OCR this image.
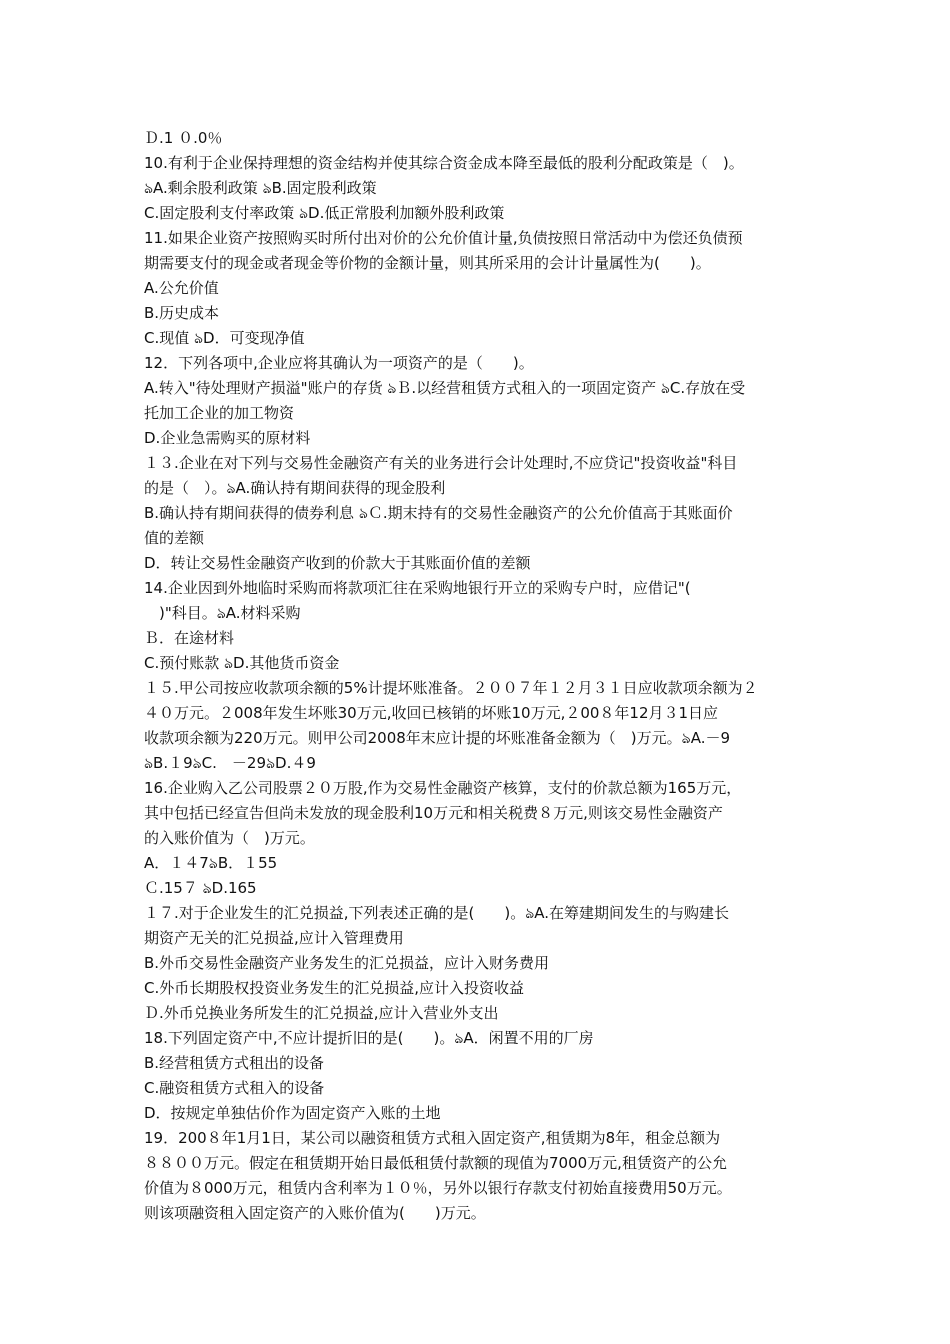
Ｄ.1 ０.0％
10.有利于企业保持理想的资金结构并使其综合资金成本降至最低的股利分配政策是（　)。
ঌA.剩余股利政策 ঌB.固定股利政策
C.固定股利支付率政策 ঌD.低正常股利加额外股利政策
11.如果企业资产按照购买时所付出对价的公允价值计量,负债按照日常活动中为偿还负债预
期需要支付的现金或者现金等价物的金额计量，则其所采用的会计计量属性为(　　)。
A.公允价值
B.历史成本
C.现值 ঌD．可变现净值
12．下列各项中,企业应将其确认为一项资产的是（　　)。
A.转入"待处理财产损溢"账户的存货 ঌＢ.以经营租赁方式租入的一项固定资产 ঌC.存放在受
托加工企业的加工物资
D.企业急需购买的原材料
１３.企业在对下列与交易性金融资产有关的业务进行会计处理时,不应贷记"投资收益"科目
的是（　）。ঌA.确认持有期间获得的现金股利
B.确认持有期间获得的债券利息 ঌＣ.期末持有的交易性金融资产的公允价值高于其账面价
值的差额
D．转让交易性金融资产收到的价款大于其账面价值的差额
14.企业因到外地临时采购而将款项汇往在采购地银行开立的采购专户时，应借记"(
　)"科目。ঌA.材料采购
Ｂ．在途材料
C.预付账款 ঌD.其他货币资金
１５.甲公司按应收款项余额的5%计提坏账准备。２００７年１２月３１日应收款项余额为２
４０万元。２008年发生坏账30万元,收回已核销的坏账10万元,２00８年12月３1日应
收款项余额为220万元。则甲公司2008年末应计提的坏账准备金额为（　)万元。ঌA.－9
ঌB.１9ঌC.　－29ঌD.４9
16.企业购入乙公司股票２０万股,作为交易性金融资产核算，支付的价款总额为165万元，
其中包括已经宣告但尚未发放的现金股利10万元和相关税费８万元,则该交易性金融资产
的入账价值为（　)万元。
A．１４7ঌB．１55
Ｃ.15７ ঌD.165
１７.对于企业发生的汇兑损益,下列表述正确的是(　　)。ঌA.在筹建期间发生的与购建长
期资产无关的汇兑损益,应计入管理费用
B.外币交易性金融资产业务发生的汇兑损益，应计入财务费用
C.外币长期股权投资业务发生的汇兑损益,应计入投资收益
Ｄ.外币兑换业务所发生的汇兑损益,应计入营业外支出
18.下列固定资产中,不应计提折旧的是(　　)。ঌA．闲置不用的厂房
B.经营租赁方式租出的设备
C.融资租赁方式租入的设备
D．按规定单独估价作为固定资产入账的土地
19．200８年1月1日，某公司以融资租赁方式租入固定资产,租赁期为8年，租金总额为
８８００万元。假定在租赁期开始日最低租赁付款额的现值为7000万元,租赁资产的公允
价值为８000万元，租赁内含利率为１０％，另外以银行存款支付初始直接费用50万元。
则该项融资租入固定资产的入账价值为(　　)万元。
